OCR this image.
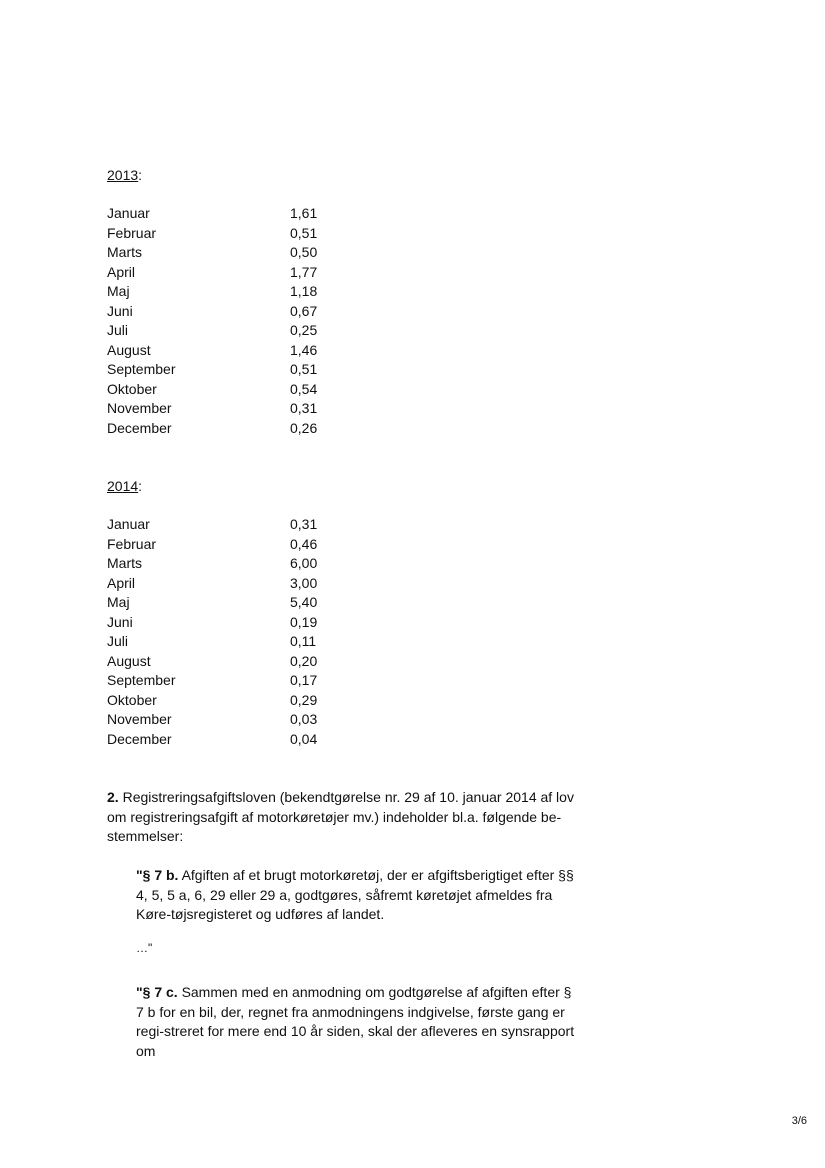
2013:
Januar	1,61
Februar	0,51
Marts	0,50
April	1,77
Maj	1,18
Juni	0,67
Juli	0,25
August	1,46
September	0,51
Oktober	0,54
November	0,31
December	0,26
2014:
Januar	0,31
Februar	0,46
Marts	6,00
April	3,00
Maj	5,40
Juni	0,19
Juli	0,11
August	0,20
September	0,17
Oktober	0,29
November	0,03
December	0,04
2. Registreringsafgiftsloven (bekendtgørelse nr. 29 af 10. januar 2014 af lov om registreringsafgift af motorkøretøjer mv.) indeholder bl.a. følgende be-stemmelser:
"§ 7 b. Afgiften af et brugt motorkøretøj, der er afgiftsberigtiget efter §§ 4, 5, 5 a, 6, 29 eller 29 a, godtgøres, såfremt køretøjet afmeldes fra Køre-tøjsregisteret og udføres af landet.
…"
"§ 7 c. Sammen med en anmodning om godtgørelse af afgiften efter § 7 b for en bil, der, regnet fra anmodningens indgivelse, første gang er regi-streret for mere end 10 år siden, skal der afleveres en synsrapport om
3/6
